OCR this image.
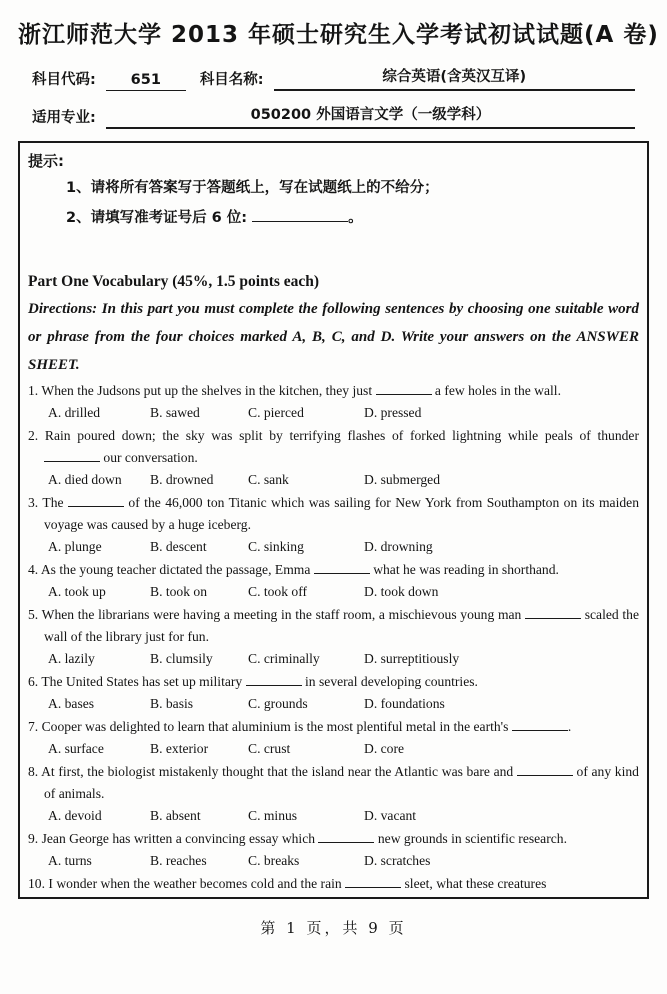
浙江师范大学 2013 年硕士研究生入学考试初试试题(A 卷)
科目代码:	651	科目名称:	综合英语(含英汉互译)
适用专业:	050200 外国语言文学（一级学科）
提示:
1、请将所有答案写于答题纸上，写在试题纸上的不给分；
2、请填写准考证号后 6 位:	。
Part One Vocabulary (45%, 1.5 points each)
Directions: In this part you must complete the following sentences by choosing one suitable word or phrase from the four choices marked A, B, C, and D. Write your answers on the ANSWER SHEET.
1. When the Judsons put up the shelves in the kitchen, they just	a few holes in the wall.
A. drilled	B. sawed	C. pierced	D. pressed
2. Rain poured down; the sky was split by terrifying flashes of forked lightning while peals of thunder  our conversation.
A. died down	B. drowned	C. sank	D. submerged
3. The	of the 46,000 ton Titanic which was sailing for New York from Southampton on its maiden voyage was caused by a huge iceberg.
A. plunge	B. descent	C. sinking	D. drowning
4. As the young teacher dictated the passage, Emma	what he was reading in shorthand.
A. took up	B. took on	C. took off	D. took down
5. When the librarians were having a meeting in the staff room, a mischievous young man	scaled the wall of the library just for fun.
A. lazily	B. clumsily	C. criminally	D. surreptitiously
6. The United States has set up military	in several developing countries.
A. bases	B. basis	C. grounds	D. foundations
7. Cooper was delighted to learn that aluminium is the most plentiful metal in the earth's	.
A. surface	B. exterior	C. crust	D. core
8. At first, the biologist mistakenly thought that the island near the Atlantic was bare and	of any kind of animals.
A. devoid	B. absent	C. minus	D. vacant
9. Jean George has written a convincing essay which	new grounds in scientific research.
A. turns	B. reaches	C. breaks	D. scratches
10. I wonder when the weather becomes cold and the rain	sleet, what these creatures
第 1 页，共 9 页
